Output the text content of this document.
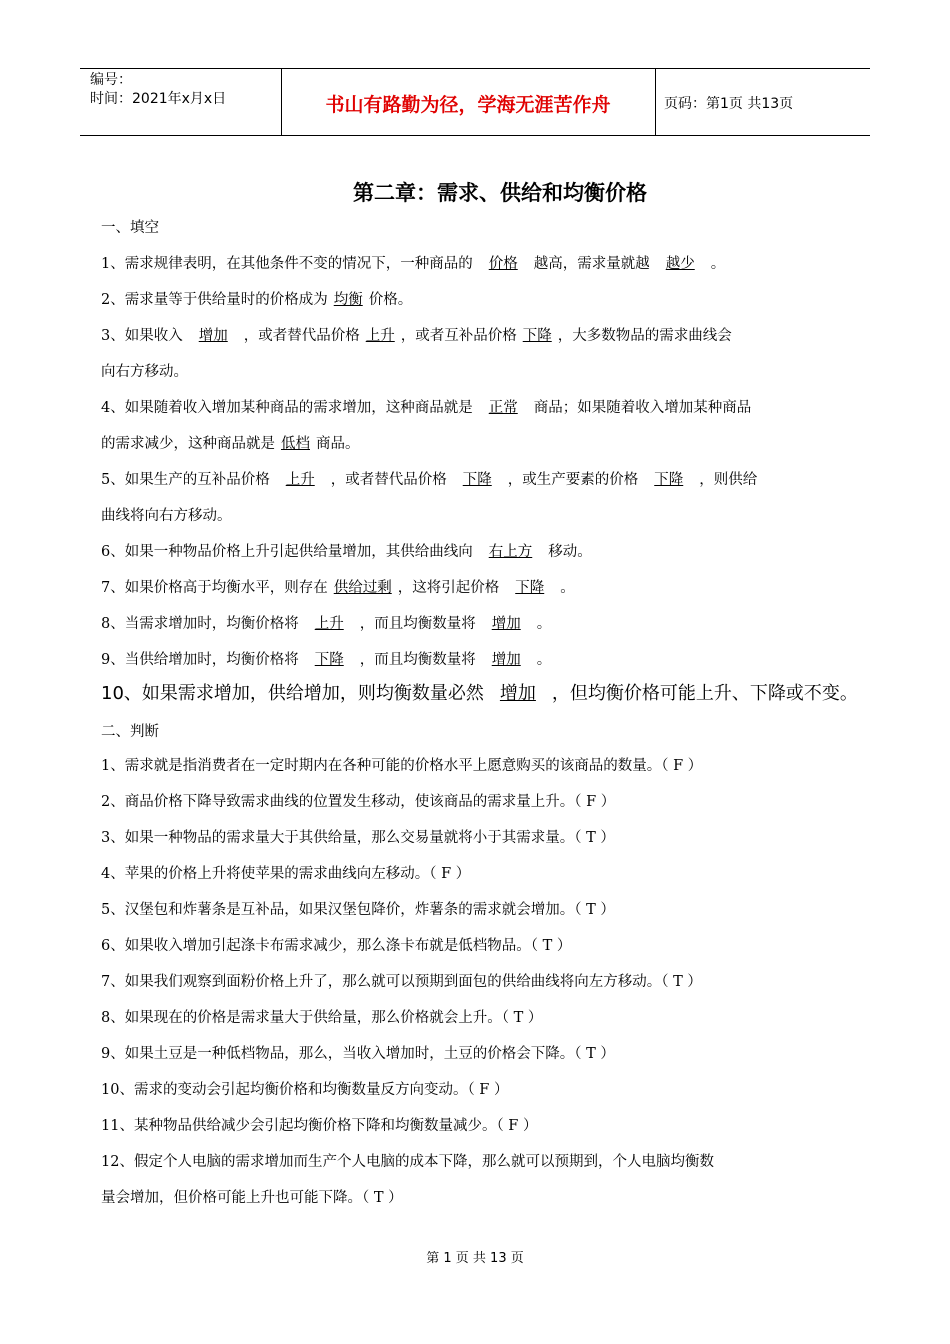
编号：
时间：2021年x月x日	书山有路勤为径，学海无涯苦作舟	页码：第1页 共13页
第二章：需求、供给和均衡价格
一、填空
1、需求规律表明，在其他条件不变的情况下，一种商品的 价格 越高，需求量就越 越少 。
2、需求量等于供给量时的价格成为 均衡 价格。
3、如果收入 增加 ，或者替代品价格 上升 ，或者互补品价格 下降 ，大多数物品的需求曲线会
向右方移动。
4、如果随着收入增加某种商品的需求增加，这种商品就是 正常 商品；如果随着收入增加某种商品
的需求减少，这种商品就是 低档 商品。
5、如果生产的互补品价格 上升 ，或者替代品价格 下降 ，或生产要素的价格 下降 ，则供给
曲线将向右方移动。
6、如果一种物品价格上升引起供给量增加，其供给曲线向 右上方 移动。
7、如果价格高于均衡水平，则存在 供给过剩 ，这将引起价格 下降 。
8、当需求增加时，均衡价格将 上升 ，而且均衡数量将 增加 。
9、当供给增加时，均衡价格将 下降 ，而且均衡数量将 增加 。
10、如果需求增加，供给增加，则均衡数量必然 增加 ，但均衡价格可能上升、下降或不变。
二、判断
1、需求就是指消费者在一定时期内在各种可能的价格水平上愿意购买的该商品的数量。（ F ）
2、商品价格下降导致需求曲线的位置发生移动，使该商品的需求量上升。（ F ）
3、如果一种物品的需求量大于其供给量，那么交易量就将小于其需求量。（ T ）
4、苹果的价格上升将使苹果的需求曲线向左移动。（ F ）
5、汉堡包和炸薯条是互补品，如果汉堡包降价，炸薯条的需求就会增加。（ T ）
6、如果收入增加引起涤卡布需求减少，那么涤卡布就是低档物品。（ T ）
7、如果我们观察到面粉价格上升了，那么就可以预期到面包的供给曲线将向左方移动。（ T ）
8、如果现在的价格是需求量大于供给量，那么价格就会上升。（ T ）
9、如果土豆是一种低档物品，那么，当收入增加时，土豆的价格会下降。（ T ）
10、需求的变动会引起均衡价格和均衡数量反方向变动。（ F ）
11、某种物品供给减少会引起均衡价格下降和均衡数量减少。（ F ）
12、假定个人电脑的需求增加而生产个人电脑的成本下降，那么就可以预期到，个人电脑均衡数
量会增加，但价格可能上升也可能下降。（ T ）
第 1 页 共 13 页
